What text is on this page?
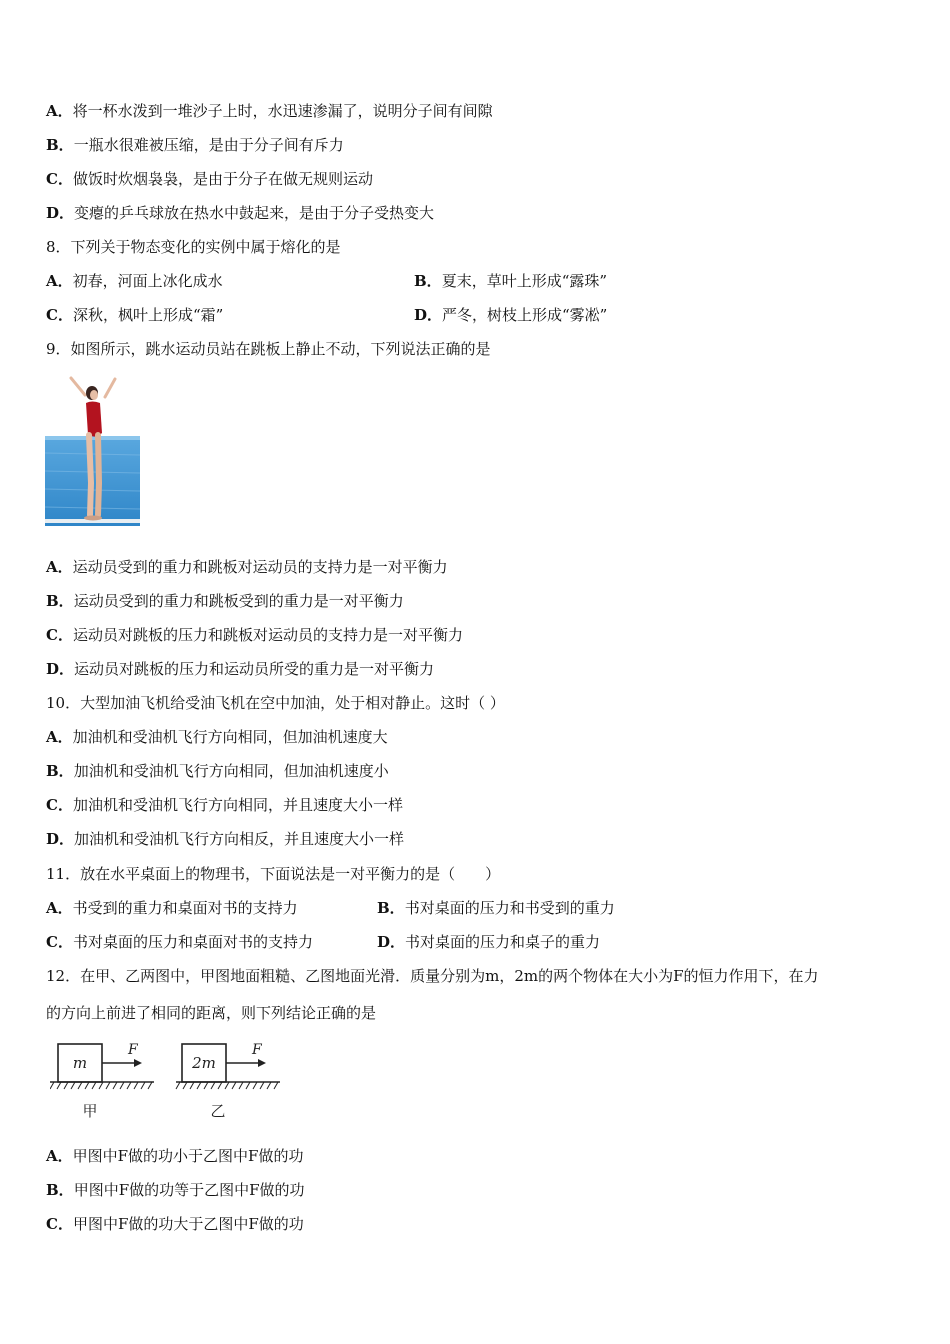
A．将一杯水泼到一堆沙子上时，水迅速渗漏了，说明分子间有间隙
B．一瓶水很难被压缩，是由于分子间有斥力
C．做饭时炊烟袅袅，是由于分子在做无规则运动
D．变瘪的乒乓球放在热水中鼓起来，是由于分子受热变大
8．下列关于物态变化的实例中属于熔化的是
A．初春，河面上冰化成水	B．夏末，草叶上形成“露珠”
C．深秋，枫叶上形成“霜”	D．严冬，树枝上形成“雾凇”
9．如图所示，跳水运动员站在跳板上静止不动，下列说法正确的是
A．运动员受到的重力和跳板对运动员的支持力是一对平衡力
B．运动员受到的重力和跳板受到的重力是一对平衡力
C．运动员对跳板的压力和跳板对运动员的支持力是一对平衡力
D．运动员对跳板的压力和运动员所受的重力是一对平衡力
10．大型加油飞机给受油飞机在空中加油，处于相对静止。这时（ ）
A．加油机和受油机飞行方向相同，但加油机速度大
B．加油机和受油机飞行方向相同，但加油机速度小
C．加油机和受油机飞行方向相同，并且速度大小一样
D．加油机和受油机飞行方向相反，并且速度大小一样
11．放在水平桌面上的物理书，下面说法是一对平衡力的是（　　）
A．书受到的重力和桌面对书的支持力	B．书对桌面的压力和书受到的重力
C．书对桌面的压力和桌面对书的支持力	D．书对桌面的压力和桌子的重力
12．在甲、乙两图中，甲图地面粗糙、乙图地面光滑．质量分别为m，2m的两个物体在大小为F的恒力作用下，在力
的方向上前进了相同的距离，则下列结论正确的是
m
F
甲
2m
F
乙
A．甲图中F做的功小于乙图中F做的功
B．甲图中F做的功等于乙图中F做的功
C．甲图中F做的功大于乙图中F做的功
